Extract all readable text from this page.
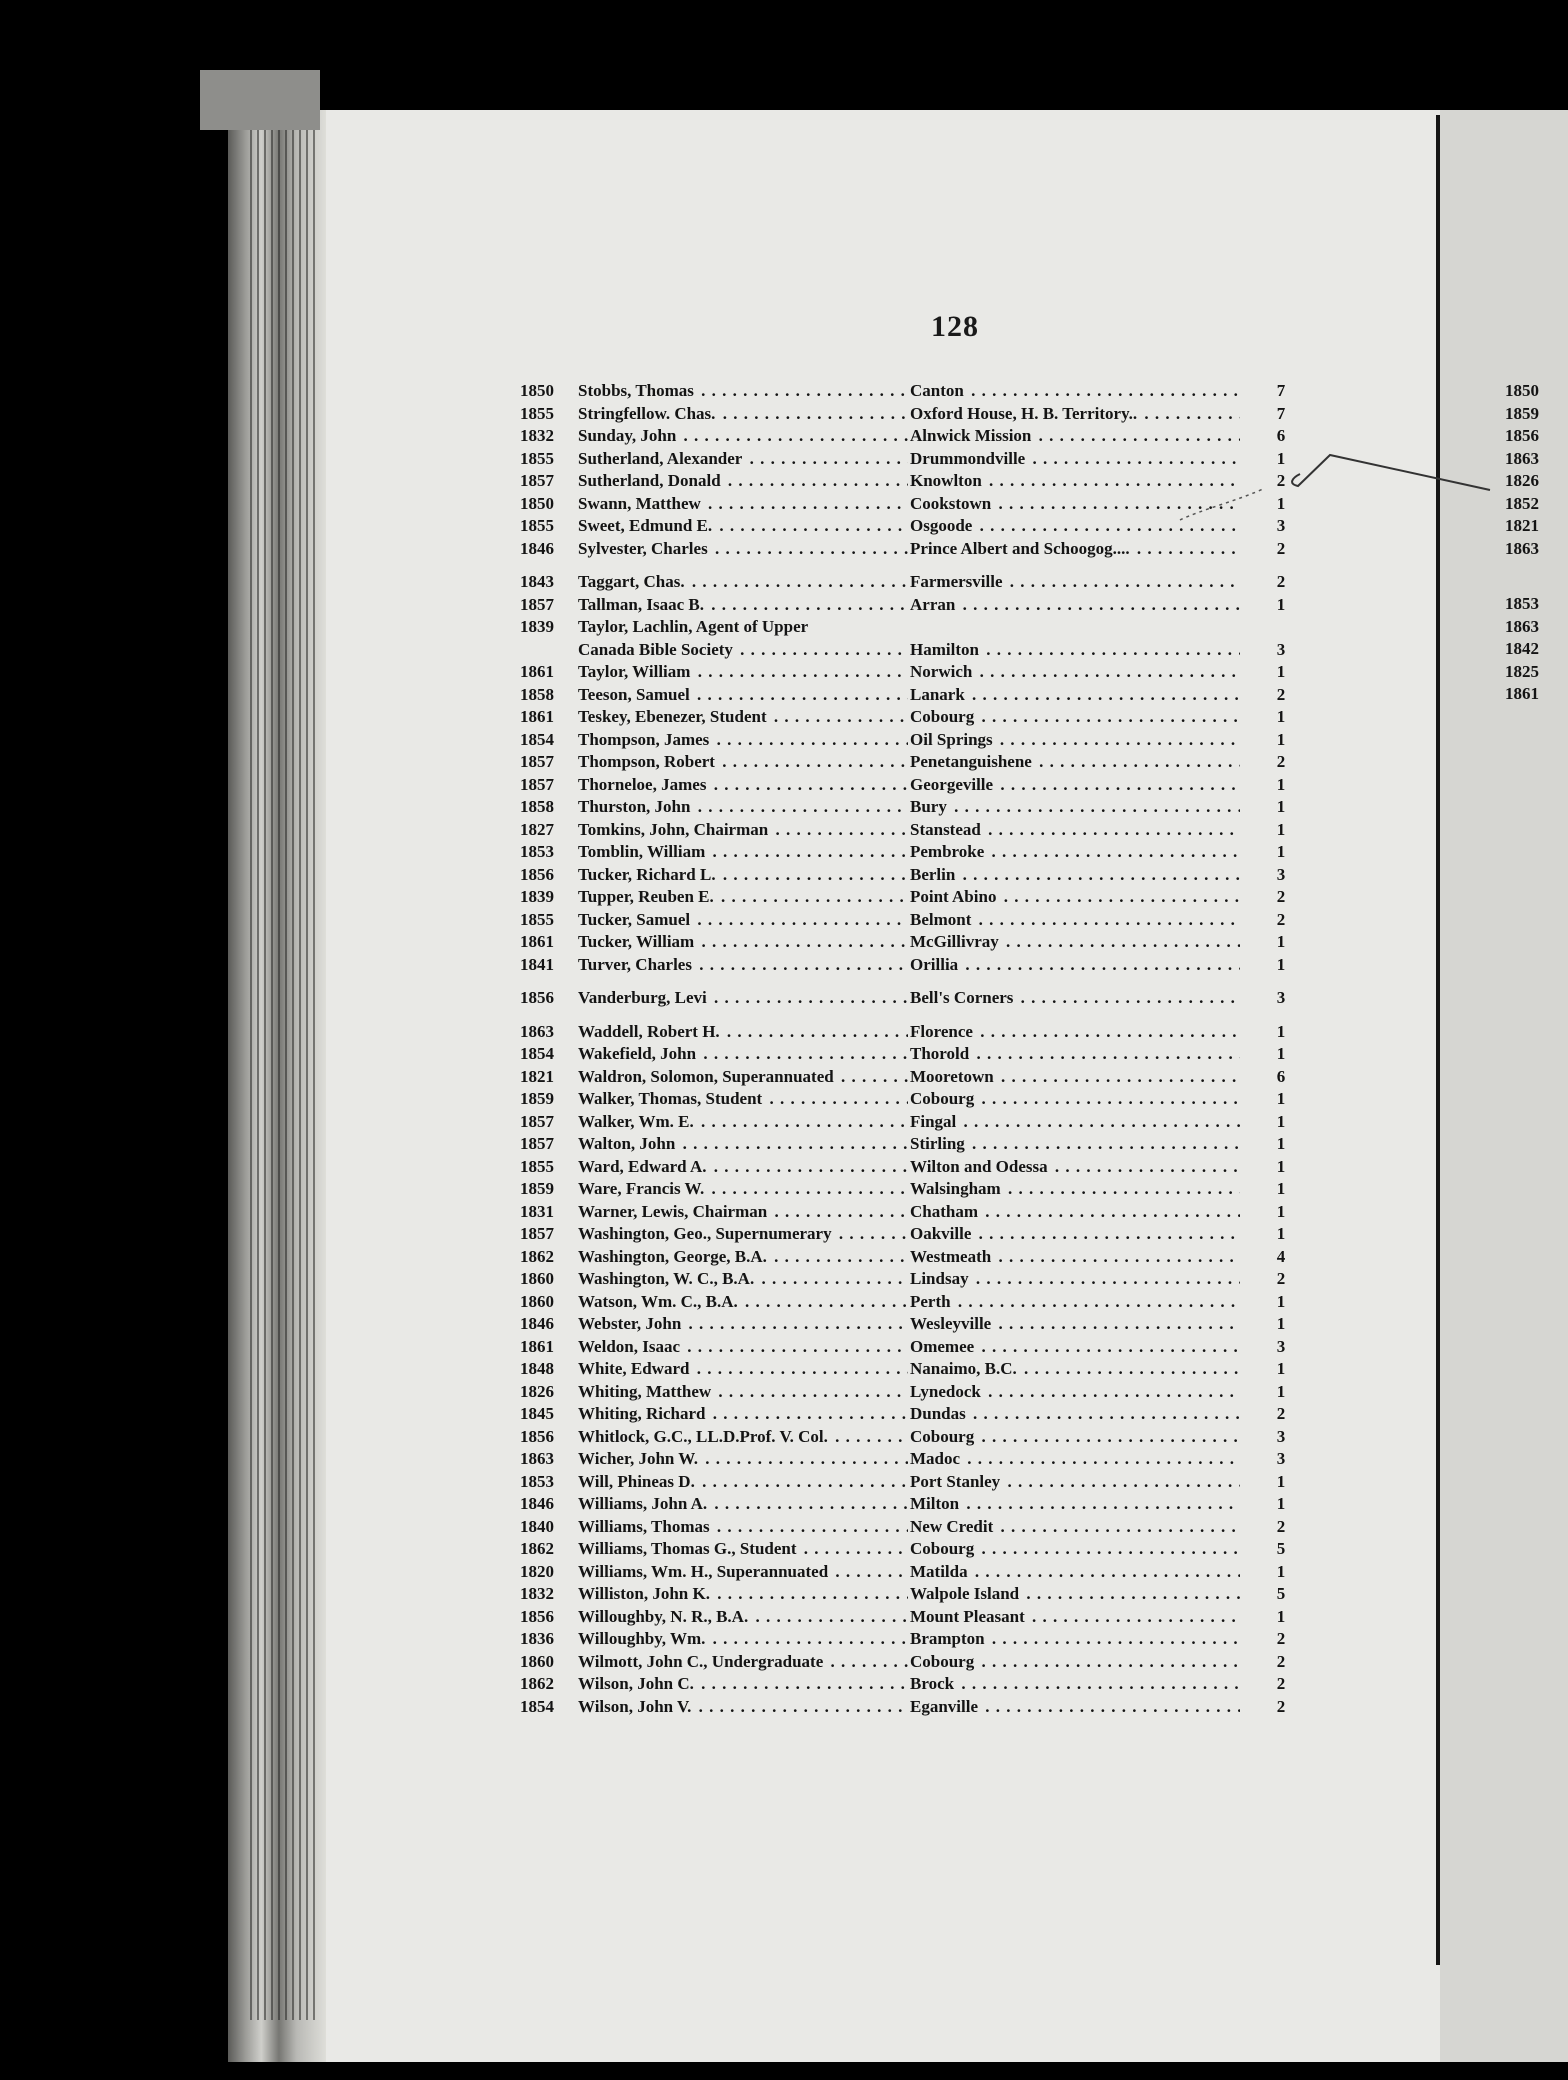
128
1850	Stobbs, Thomas . . .	Canton . . .	7
1855	Stringfellow. Chas. . . .	Oxford House, H. B. Territory.. . . .	7
1832	Sunday, John . . .	Alnwick Mission . . .	6
1855	Sutherland, Alexander . . .	Drummondville . . .	1
1857	Sutherland, Donald . . .	Knowlton . . .	2
1850	Swann, Matthew . . .	Cookstown . . .	1
1855	Sweet, Edmund E. . . .	Osgoode . . .	3
1846	Sylvester, Charles . . .	Prince Albert and Schoogog.... . . .	2
1843	Taggart, Chas. . . .	Farmersville . . .	2
1857	Tallman, Isaac B. . . .	Arran . . .	1
1839	Taylor, Lachlin, Agent of Upper
Canada Bible Society . . .	Hamilton . . .	3
1861	Taylor, William . . .	Norwich . . .	1
1858	Teeson, Samuel . . .	Lanark . . .	2
1861	Teskey, Ebenezer, Student . . .	Cobourg . . .	1
1854	Thompson, James . . .	Oil Springs . . .	1
1857	Thompson, Robert . . .	Penetanguishene . . .	2
1857	Thorneloe, James . . .	Georgeville . . .	1
1858	Thurston, John . . .	Bury . . .	1
1827	Tomkins, John, Chairman . . .	Stanstead . . .	1
1853	Tomblin, William . . .	Pembroke . . .	1
1856	Tucker, Richard L. . . .	Berlin . . .	3
1839	Tupper, Reuben E. . . .	Point Abino . . .	2
1855	Tucker, Samuel . . .	Belmont . . .	2
1861	Tucker, William . . .	McGillivray . . .	1
1841	Turver, Charles . . .	Orillia . . .	1
1856	Vanderburg, Levi . . .	Bell's Corners . . .	3
1863	Waddell, Robert H. . . .	Florence . . .	1
1854	Wakefield, John . . .	Thorold . . .	1
1821	Waldron, Solomon, Superannuated . . .	Mooretown . . .	6
1859	Walker, Thomas, Student . . .	Cobourg . . .	1
1857	Walker, Wm. E. . . .	Fingal . . .	1
1857	Walton, John . . .	Stirling . . .	1
1855	Ward, Edward A. . . .	Wilton and Odessa . . .	1
1859	Ware, Francis W. . . .	Walsingham . . .	1
1831	Warner, Lewis, Chairman . . .	Chatham . . .	1
1857	Washington, Geo., Supernumerary . . .	Oakville . . .	1
1862	Washington, George, B.A. . . .	Westmeath . . .	4
1860	Washington, W. C., B.A. . . .	Lindsay . . .	2
1860	Watson, Wm. C., B.A. . . .	Perth . . .	1
1846	Webster, John . . .	Wesleyville . . .	1
1861	Weldon, Isaac . . .	Omemee . . .	3
1848	White, Edward . . .	Nanaimo, B.C. . . .	1
1826	Whiting, Matthew . . .	Lynedock . . .	1
1845	Whiting, Richard . . .	Dundas . . .	2
1856	Whitlock, G.C., LL.D.Prof. V. Col. . . .	Cobourg . . .	3
1863	Wicher, John W. . . .	Madoc . . .	3
1853	Will, Phineas D. . . .	Port Stanley . . .	1
1846	Williams, John A. . . .	Milton . . .	1
1840	Williams, Thomas . . .	New Credit . . .	2
1862	Williams, Thomas G., Student . . .	Cobourg . . .	5
1820	Williams, Wm. H., Superannuated . . .	Matilda . . .	1
1832	Williston, John K. . . .	Walpole Island . . .	5
1856	Willoughby, N. R., B.A. . . .	Mount Pleasant . . .	1
1836	Willoughby, Wm. . . .	Brampton . . .	2
1860	Wilmott, John C., Undergraduate . . .	Cobourg . . .	2
1862	Wilson, John C. . . .	Brock . . .	2
1854	Wilson, John V. . . .	Eganville . . .	2
1850
1859
1856
1863
1826
1852
1821
1863
1853
1863
1842
1825
1861
